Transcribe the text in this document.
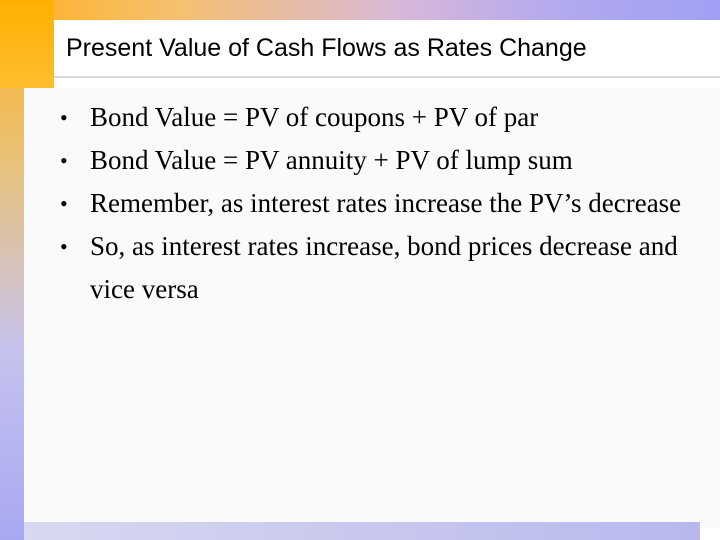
Present Value of Cash Flows as Rates Change
• Bond Value = PV of coupons + PV of par
• Bond Value = PV annuity + PV of lump sum
• Remember, as interest rates increase the PV’s decrease
• So, as interest rates increase, bond prices decrease and vice versa
